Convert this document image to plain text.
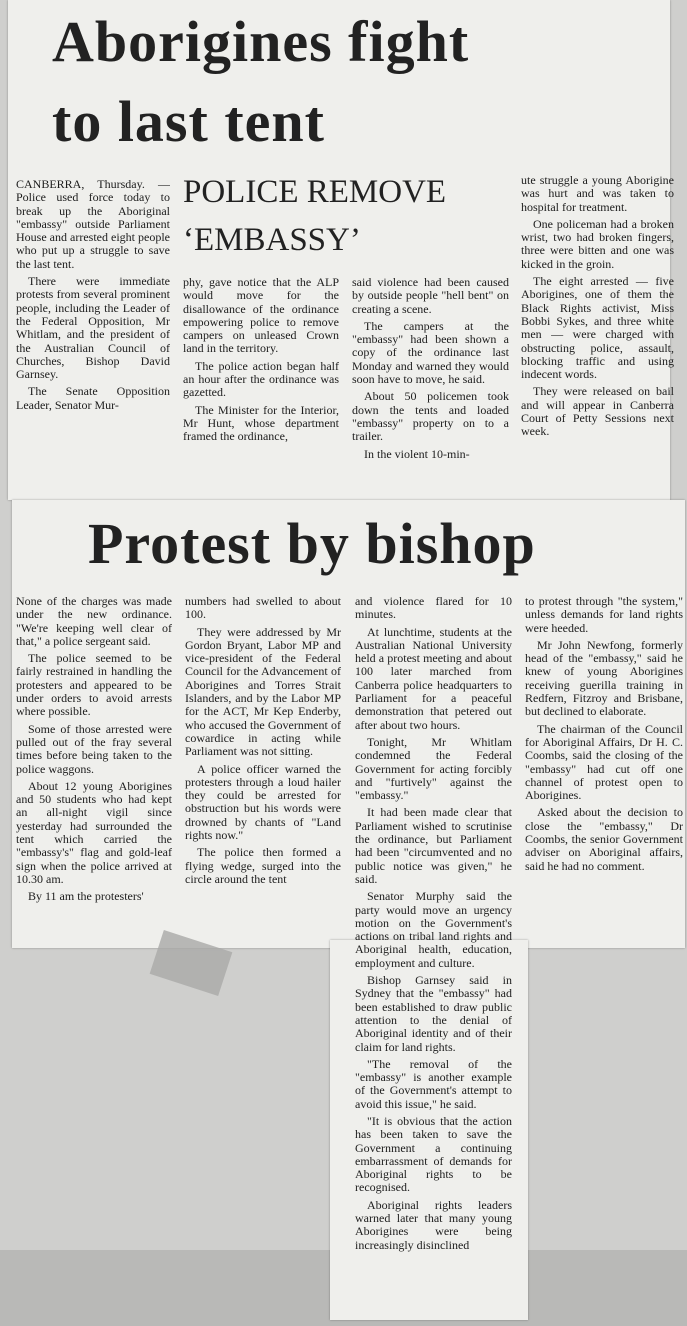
Aborigines fight
to last tent
POLICE REMOVE ‘EMBASSY’

CANBERRA, Thursday. — Police used force today to break up the Aboriginal "embassy" outside Parliament House and arrested eight people who put up a struggle to save the last tent.

There were immediate protests from several prominent people, including the Leader of the Federal Opposition, Mr Whitlam, and the president of the Australian Council of Churches, Bishop David Garnsey.

The Senate Opposition Leader, Senator Mur-

phy, gave notice that the ALP would move for the disallowance of the ordinance empowering police to remove campers on unleased Crown land in the territory.

The police action began half an hour after the ordinance was gazetted.

The Minister for the Interior, Mr Hunt, whose department framed the ordinance,

said violence had been caused by outside people "hell bent" on creating a scene.

The campers at the "embassy" had been shown a copy of the ordinance last Monday and warned they would soon have to move, he said.

About 50 policemen took down the tents and loaded "embassy" property on to a trailer.

In the violent 10-min-

ute struggle a young Aborigine was hurt and was taken to hospital for treatment.

One policeman had a broken wrist, two had broken fingers, three were bitten and one was kicked in the groin.

The eight arrested — five Aborigines, one of them the Black Rights activist, Miss Bobbi Sykes, and three white men — were charged with obstructing police, assault, blocking traffic and using indecent words.

They were released on bail and will appear in Canberra Court of Petty Sessions next week.

Protest by bishop

None of the charges was made under the new ordinance. "We're keeping well clear of that," a police sergeant said.

The police seemed to be fairly restrained in handling the protesters and appeared to be under orders to avoid arrests where possible.

Some of those arrested were pulled out of the fray several times before being taken to the police waggons.

About 12 young Aborigines and 50 students who had kept an all-night vigil since yesterday had surrounded the tent which carried the "embassy's" flag and gold-leaf sign when the police arrived at 10.30 am.

By 11 am the protesters'

numbers had swelled to about 100.

They were addressed by Mr Gordon Bryant, Labor MP and vice-president of the Federal Council for the Advancement of Aborigines and Torres Strait Islanders, and by the Labor MP for the ACT, Mr Kep Enderby, who accused the Government of cowardice in acting while Parliament was not sitting.

A police officer warned the protesters through a loud hailer they could be arrested for obstruction but his words were drowned by chants of "Land rights now."

The police then formed a flying wedge, surged into the circle around the tent

and violence flared for 10 minutes.

At lunchtime, students at the Australian National University held a protest meeting and about 100 later marched from Canberra police headquarters to Parliament for a peaceful demonstration that petered out after about two hours.

Tonight, Mr Whitlam condemned the Federal Government for acting forcibly and "furtively" against the "embassy."

It had been made clear that Parliament wished to scrutinise the ordinance, but Parliament had been "circumvented and no public notice was given," he said.

Senator Murphy said the party would move an urgency motion on the Government's actions on tribal land rights and Aboriginal health, education, employment and culture.

Bishop Garnsey said in Sydney that the "embassy" had been established to draw public attention to the denial of Aboriginal identity and of their claim for land rights.

"The removal of the "embassy" is another example of the Government's attempt to avoid this issue," he said.

"It is obvious that the action has been taken to save the Government a continuing embarrassment of demands for Aboriginal rights to be recognised.

Aboriginal rights leaders warned later that many young Aborigines were being increasingly disinclined

to protest through "the system," unless demands for land rights were heeded.

Mr John Newfong, formerly head of the "embassy," said he knew of young Aborigines receiving guerilla training in Redfern, Fitzroy and Brisbane, but declined to elaborate.

The chairman of the Council for Aboriginal Affairs, Dr H. C. Coombs, said the closing of the "embassy" had cut off one channel of protest open to Aborigines.

Asked about the decision to close the "embassy," Dr Coombs, the senior Government adviser on Aboriginal affairs, said he had no comment.
